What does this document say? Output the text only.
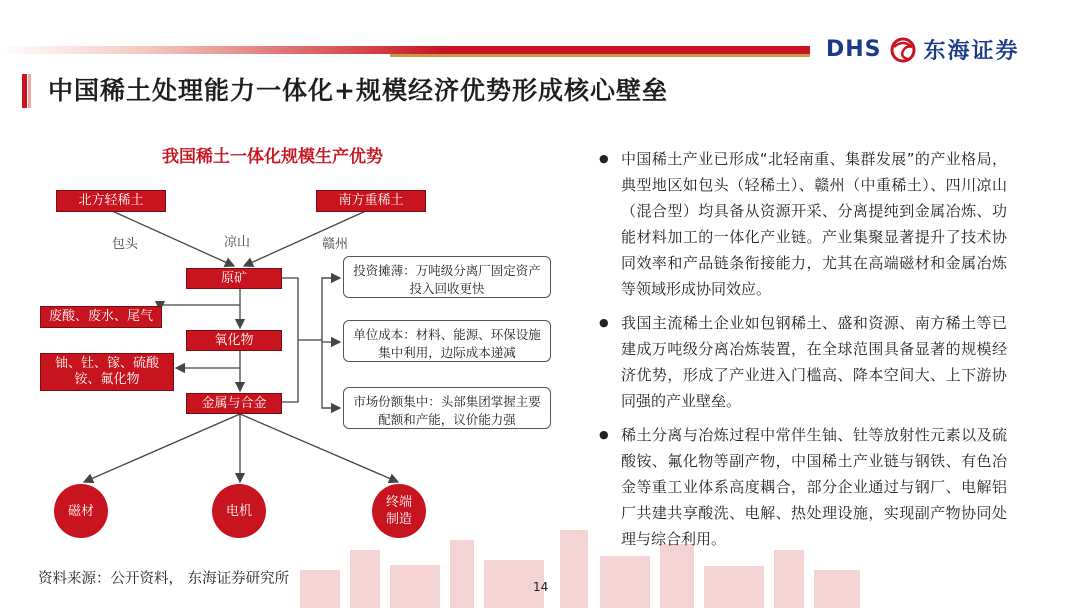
DHS 东海证券
中国稀土处理能力一体化+规模经济优势形成核心壁垒
我国稀土一体化规模生产优势
北方轻稀土	南方重稀土
包头	凉山	赣州
原矿
氧化物
金属与合金
废酸、废水、尾气
铀、钍、镓、硫酸铵、氟化物
投资摊薄：万吨级分离厂固定资产投入回收更快
单位成本：材料、能源、环保设施集中利用，边际成本递减
市场份额集中：头部集团掌握主要配额和产能，议价能力强
磁材	电机
终端制造
● 中国稀土产业已形成“北轻南重、集群发展”的产业格局，典型地区如包头（轻稀土）、赣州（中重稀土）、四川凉山（混合型）均具备从资源开采、分离提纯到金属冶炼、功能材料加工的一体化产业链。产业集聚显著提升了技术协同效率和产品链条衔接能力，尤其在高端磁材和金属冶炼等领域形成协同效应。
● 我国主流稀土企业如包钢稀土、盛和资源、南方稀土等已建成万吨级分离冶炼装置，在全球范围具备显著的规模经济优势，形成了产业进入门槛高、降本空间大、上下游协同强的产业壁垒。
● 稀土分离与冶炼过程中常伴生铀、钍等放射性元素以及硫酸铵、氟化物等副产物，中国稀土产业链与钢铁、有色冶金等重工业体系高度耦合，部分企业通过与钢厂、电解铝厂共建共享酸洗、电解、热处理设施，实现副产物协同处理与综合利用。
资料来源：公开资料， 东海证券研究所	14
